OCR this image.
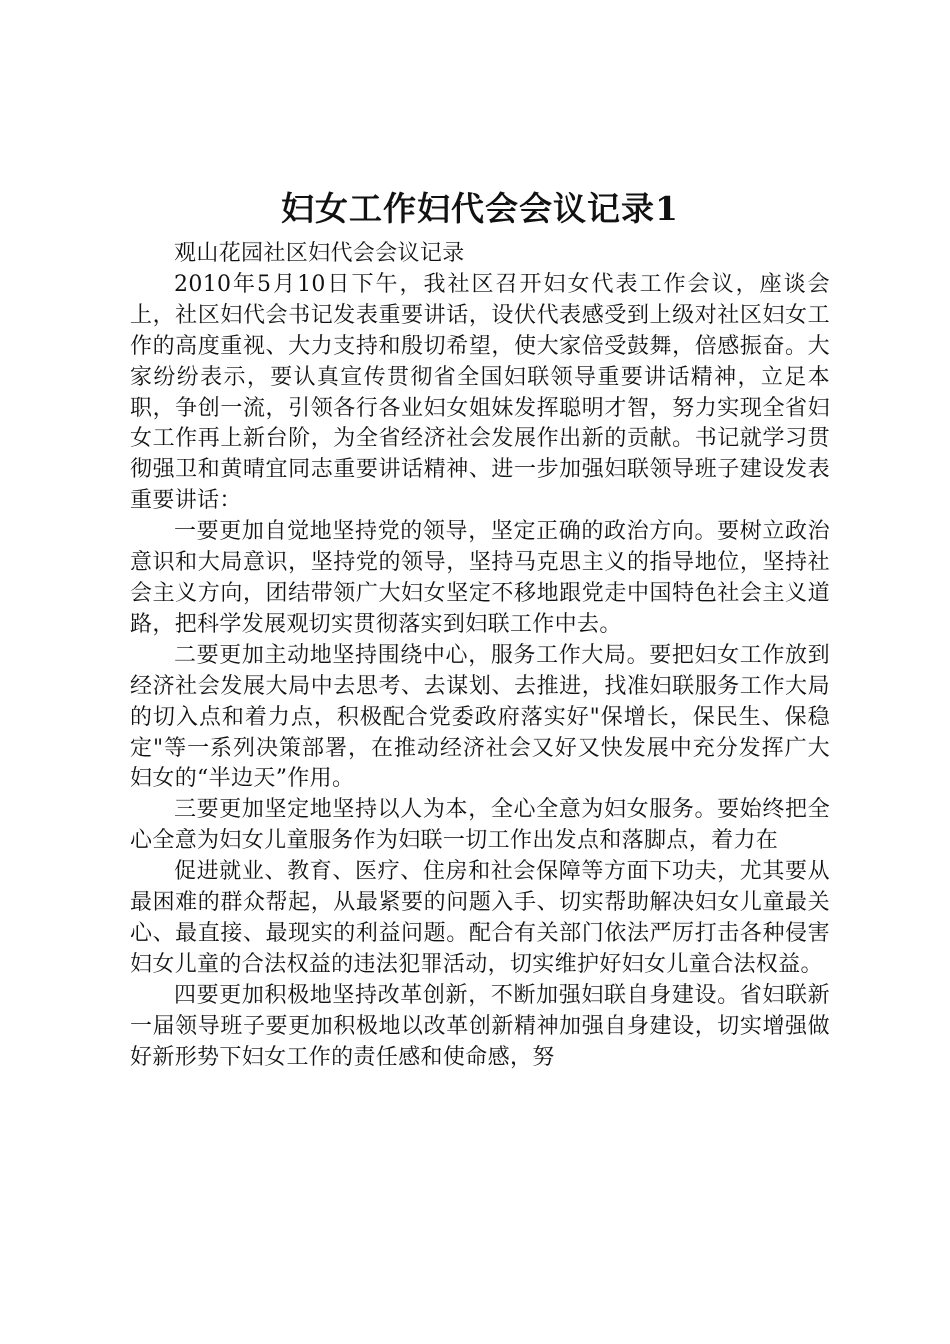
妇女工作妇代会会议记录1

观山花园社区妇代会会议记录

2010年5月10日下午，我社区召开妇女代表工作会议，座谈会上，社区妇代会书记发表重要讲话，设伏代表感受到上级对社区妇女工作的高度重视、大力支持和殷切希望，使大家倍受鼓舞，倍感振奋。大家纷纷表示，要认真宣传贯彻省全国妇联领导重要讲话精神，立足本职，争创一流，引领各行各业妇女姐妹发挥聪明才智，努力实现全省妇女工作再上新台阶，为全省经济社会发展作出新的贡献。书记就学习贯彻强卫和黄晴宜同志重要讲话精神、进一步加强妇联领导班子建设发表重要讲话：

一要更加自觉地坚持党的领导，坚定正确的政治方向。要树立政治意识和大局意识，坚持党的领导，坚持马克思主义的指导地位，坚持社会主义方向，团结带领广大妇女坚定不移地跟党走中国特色社会主义道路，把科学发展观切实贯彻落实到妇联工作中去。

二要更加主动地坚持围绕中心，服务工作大局。要把妇女工作放到经济社会发展大局中去思考、去谋划、去推进，找准妇联服务工作大局的切入点和着力点，积极配合党委政府落实好"保增长，保民生、保稳定"等一系列决策部署，在推动经济社会又好又快发展中充分发挥广大妇女的“半边天”作用。

三要更加坚定地坚持以人为本，全心全意为妇女服务。要始终把全心全意为妇女儿童服务作为妇联一切工作出发点和落脚点，着力在

促进就业、教育、医疗、住房和社会保障等方面下功夫，尤其要从最困难的群众帮起，从最紧要的问题入手、切实帮助解决妇女儿童最关心、最直接、最现实的利益问题。配合有关部门依法严厉打击各种侵害妇女儿童的合法权益的违法犯罪活动，切实维护好妇女儿童合法权益。

四要更加积极地坚持改革创新，不断加强妇联自身建设。省妇联新一届领导班子要更加积极地以改革创新精神加强自身建设，切实增强做好新形势下妇女工作的责任感和使命感，努
